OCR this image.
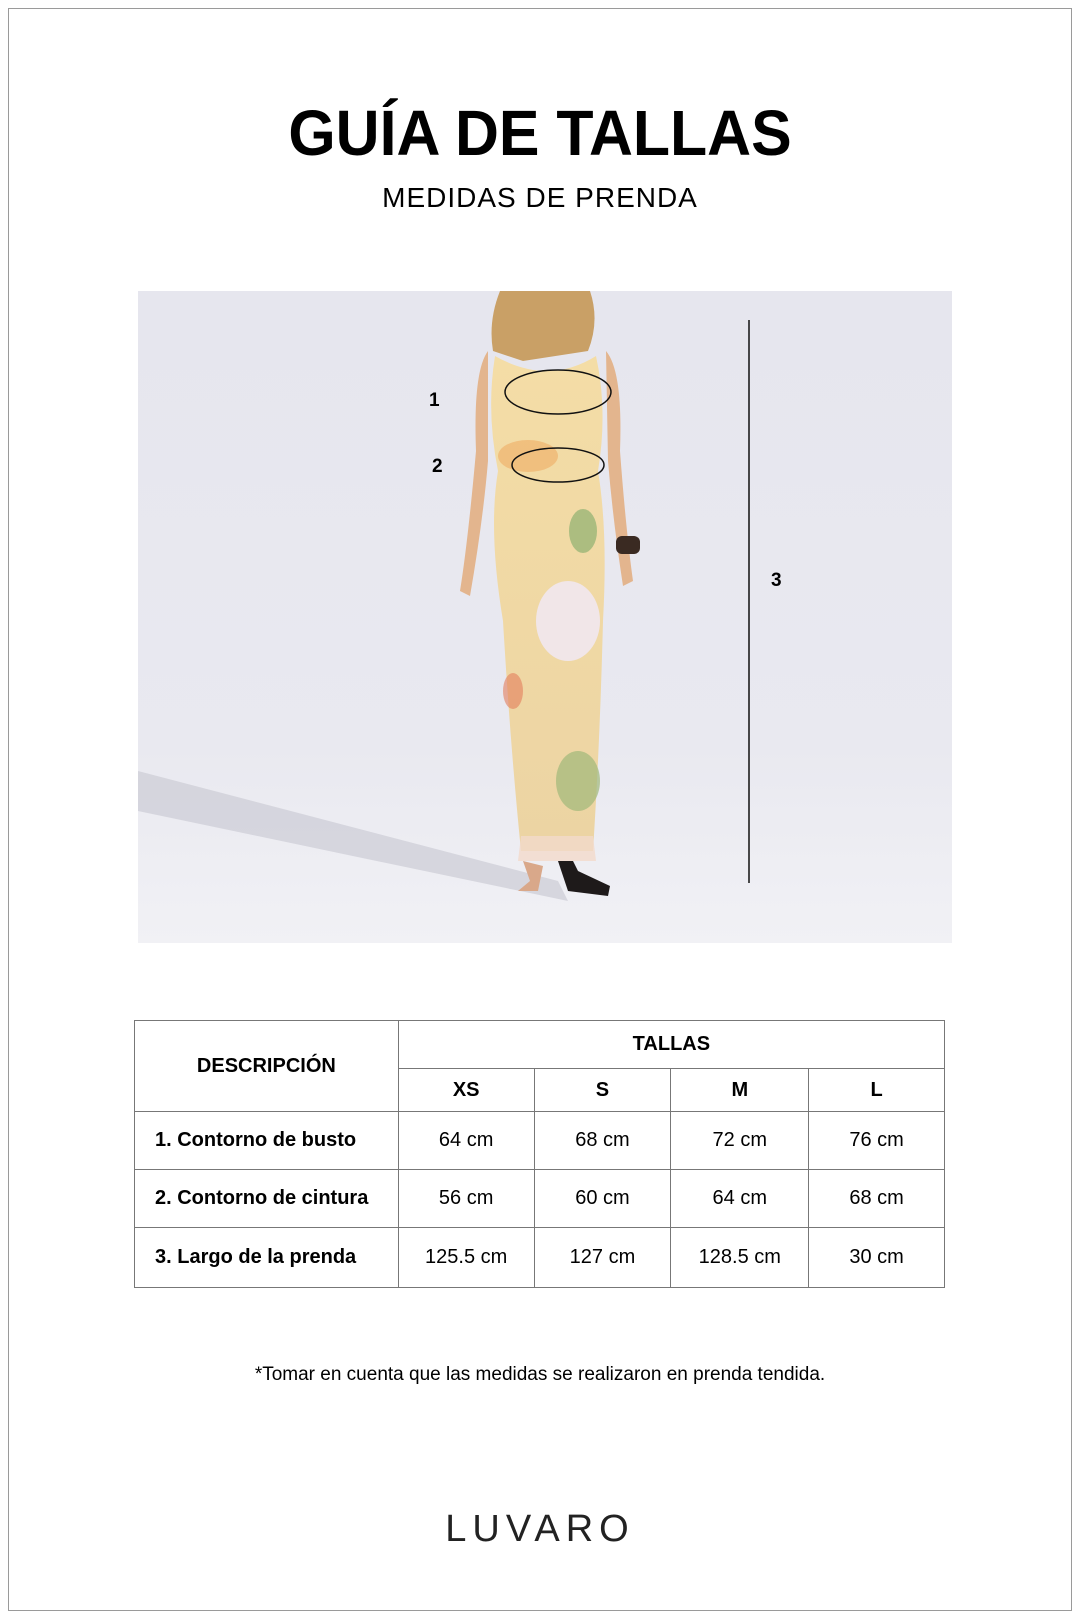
GUÍA DE TALLAS
MEDIDAS DE PRENDA
1
2
3
DESCRIPCIÓN	TALLAS			
	XS	S	M	L
1. Contorno de busto	64 cm	68 cm	72 cm	76 cm
2. Contorno de cintura	56 cm	60 cm	64 cm	68 cm
3. Largo de la prenda	125.5 cm	127 cm	128.5 cm	30 cm
*Tomar en cuenta que las medidas se realizaron en prenda tendida.
LUVARO
